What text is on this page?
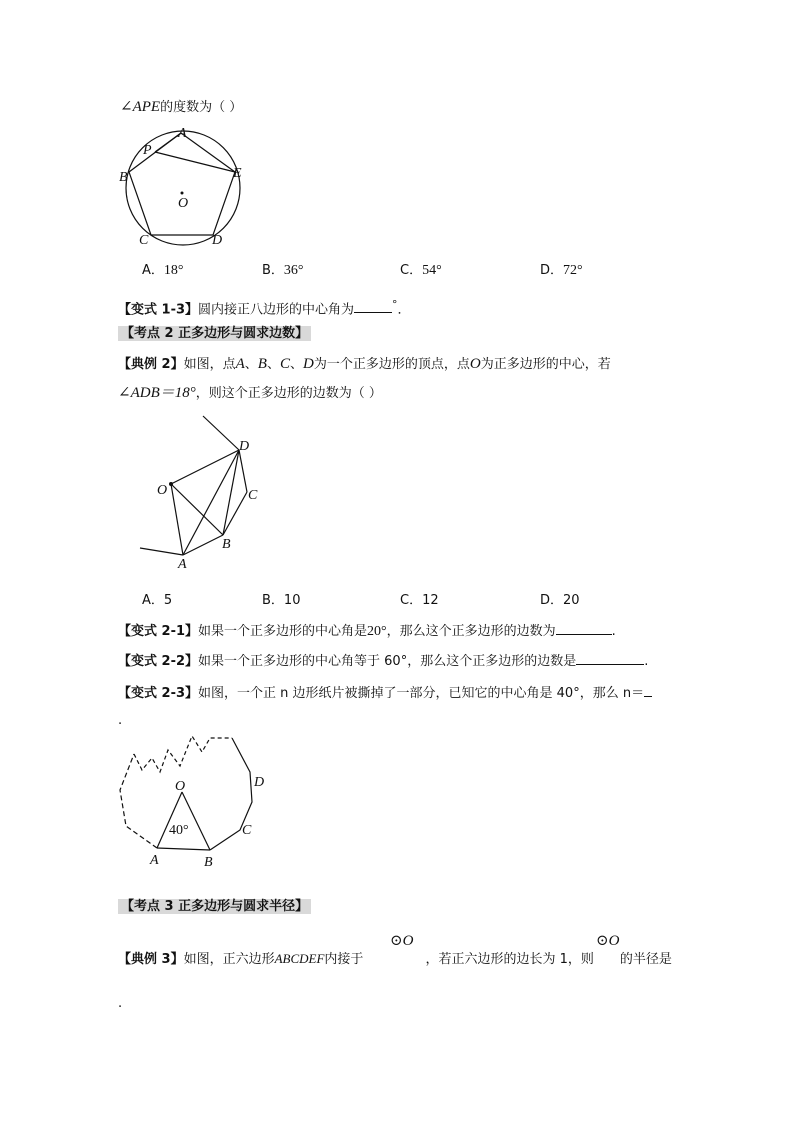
∠APE的度数为（ ）
A
P
B	E
O
C	D
A．18°	B．36°	C．54°	D．72°
【变式 1-3】圆内接正八边形的中心角为	°．
【考点 2 正多边形与圆求边数】
【典例 2】如图，点A、B、C、D为一个正多边形的顶点，点O为正多边形的中心，若
∠ADB＝18°，则这个正多边形的边数为（ ）
D
O	C
B
A
A．5	B．10	C．12	D．20
【变式 2-1】如果一个正多边形的中心角是20°，那么这个正多边形的边数为	.
【变式 2-2】如果一个正多边形的中心角等于 60°，那么这个正多边形的边数是	.
【变式 2-3】如图，一个正 n 边形纸片被撕掉了一部分，已知它的中心角是 40°，那么 n＝
.
O
40°
A	B
C
D
【考点 3 正多边形与圆求半径】
【典例 3】如图，正六边形ABCDEF内接于	，若正六边形的边长为 1，则 的半径是
⊙O	⊙O
.
